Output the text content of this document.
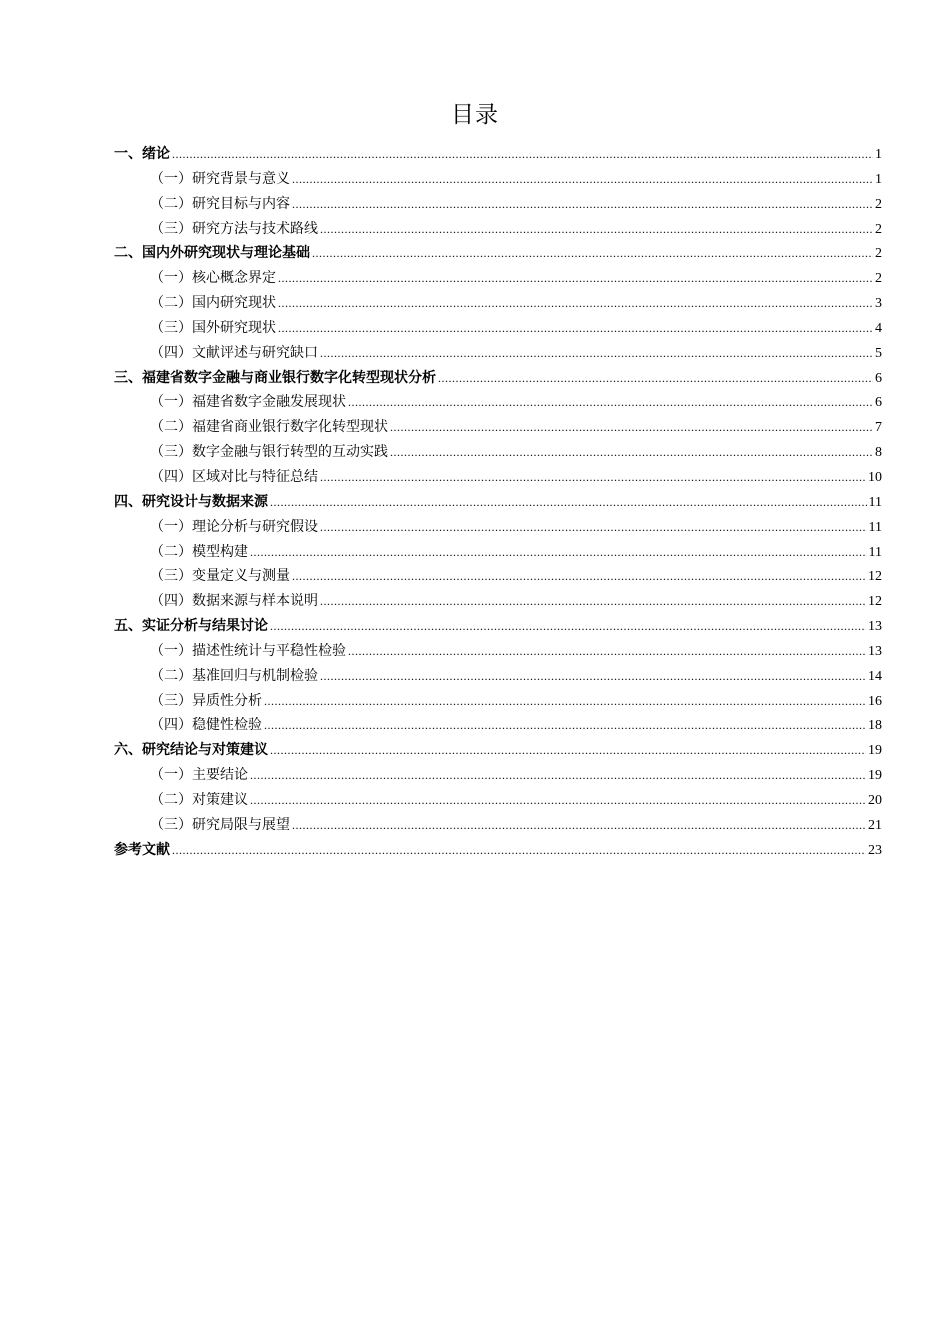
目录
一、绪论 .....	1
（一）研究背景与意义 .....	1
（二）研究目标与内容 .....	2
（三）研究方法与技术路线 .....	2
二、国内外研究现状与理论基础 .....	2
（一）核心概念界定 .....	2
（二）国内研究现状 .....	3
（三）国外研究现状 .....	4
（四）文献评述与研究缺口 .....	5
三、福建省数字金融与商业银行数字化转型现状分析 .....	6
（一）福建省数字金融发展现状 .....	6
（二）福建省商业银行数字化转型现状 .....	7
（三）数字金融与银行转型的互动实践 .....	8
（四）区域对比与特征总结 .....	10
四、研究设计与数据来源 .....	11
（一）理论分析与研究假设 .....	11
（二）模型构建 .....	11
（三）变量定义与测量 .....	12
（四）数据来源与样本说明 .....	12
五、实证分析与结果讨论 .....	13
（一）描述性统计与平稳性检验 .....	13
（二）基准回归与机制检验 .....	14
（三）异质性分析 .....	16
（四）稳健性检验 .....	18
六、研究结论与对策建议 .....	19
（一）主要结论 .....	19
（二）对策建议 .....	20
（三）研究局限与展望 .....	21
参考文献 .....	23
